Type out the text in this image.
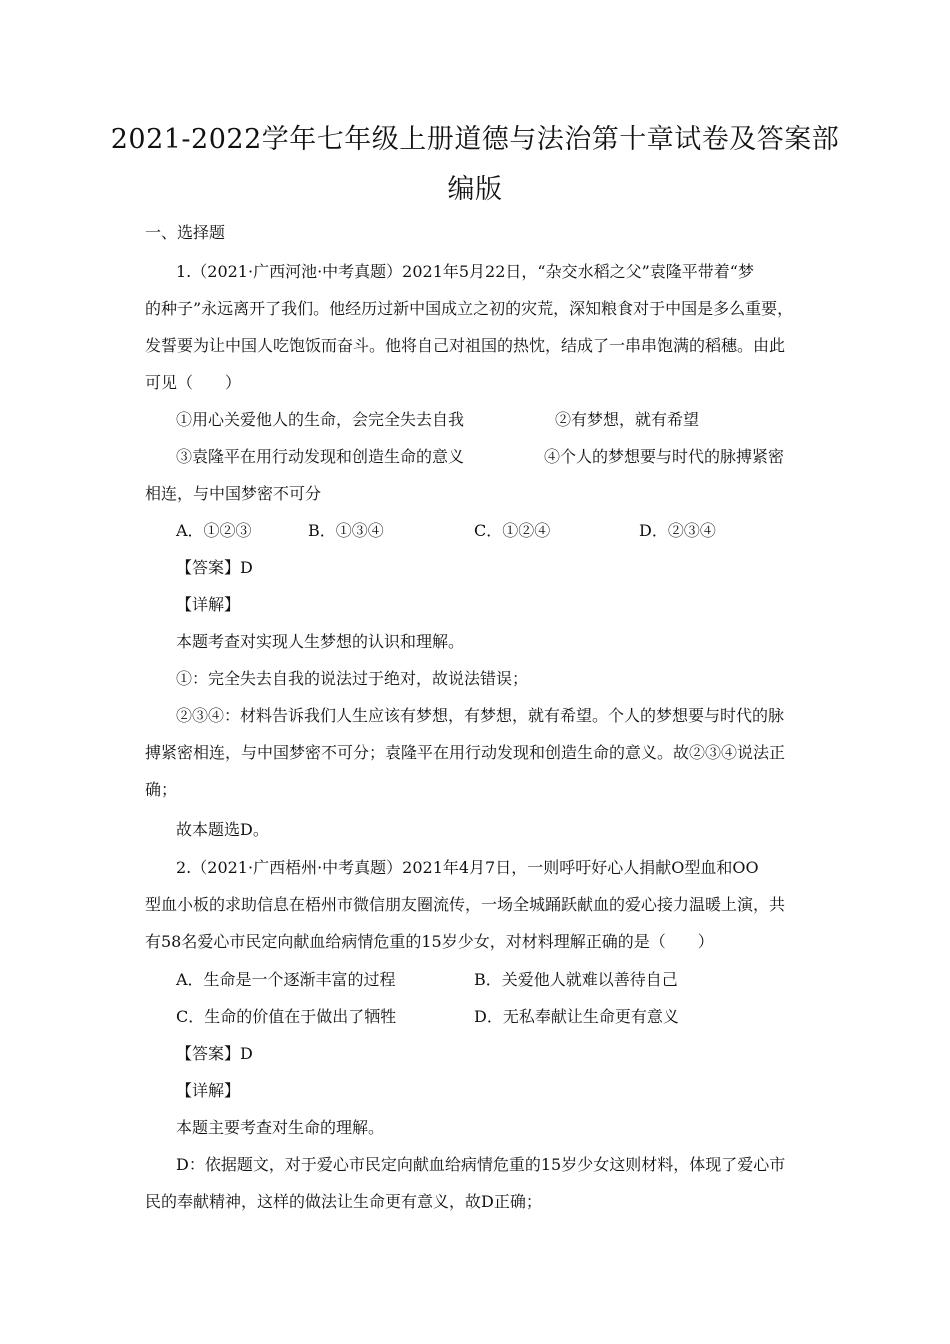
2021-2022学年七年级上册道德与法治第十章试卷及答案部
编版
一、选择题
1.（2021·广西河池·中考真题）2021年5月22日，“杂交水稻之父”袁隆平带着“梦
的种子”永远离开了我们。他经历过新中国成立之初的灾荒，深知粮食对于中国是多么重要，
发誓要为让中国人吃饱饭而奋斗。他将自己对祖国的热忱，结成了一串串饱满的稻穗。由此
可见（　　）
①用心关爱他人的生命，会完全失去自我	②有梦想，就有希望
③袁隆平在用行动发现和创造生命的意义	④个人的梦想要与时代的脉搏紧密
相连，与中国梦密不可分
A．①②③	B．①③④	C．①②④	D．②③④
【答案】D
【详解】
本题考查对实现人生梦想的认识和理解。
①：完全失去自我的说法过于绝对，故说法错误；
②③④：材料告诉我们人生应该有梦想，有梦想，就有希望。个人的梦想要与时代的脉
搏紧密相连，与中国梦密不可分；袁隆平在用行动发现和创造生命的意义。故②③④说法正
确；
故本题选D。
2.（2021·广西梧州·中考真题）2021年4月7日，一则呼吁好心人捐献O型血和OO
型血小板的求助信息在梧州市微信朋友圈流传，一场全城踊跃献血的爱心接力温暖上演，共
有58名爱心市民定向献血给病情危重的15岁少女，对材料理解正确的是（　　）
A．生命是一个逐渐丰富的过程	B．关爱他人就难以善待自己
C．生命的价值在于做出了牺牲	D．无私奉献让生命更有意义
【答案】D
【详解】
本题主要考查对生命的理解。
D：依据题文，对于爱心市民定向献血给病情危重的15岁少女这则材料，体现了爱心市
民的奉献精神，这样的做法让生命更有意义，故D正确；
